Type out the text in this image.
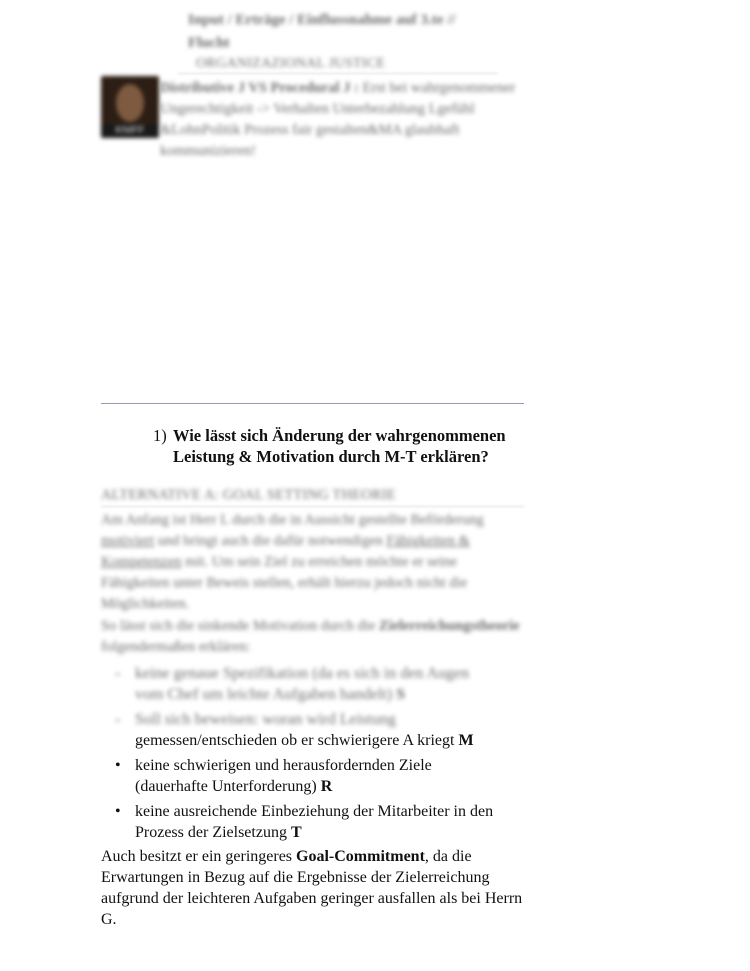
Input / Erträge / Einflussnahme auf 3.te //
Flucht
ORGANIZAZIONAL JUSTICE
KNIFF
Distributive J VS Procedural J : Erst bei wahrgenommener Ungerechtigkeit -> Verhalten Unterbezahlung Lgefühl &LohnPolitik Prozess fair gestalten&MA glaubhaft kommunizieren!
1) Wie lässt sich Änderung der wahrgenommenen Leistung & Motivation durch M-T erklären?
ALTERNATIVE A: GOAL SETTING THEORIE
Am Anfang ist Herr L durch die in Aussicht gestellte Beförderung motiviert und bringt auch die dafür notwendigen Fähigkeiten & Kompetenzen mit. Um sein Ziel zu erreichen möchte er seine Fähigkeiten unter Beweis stellen, erhält hierzu jedoch nicht die Möglichkeiten.
So lässt sich die sinkende Motivation durch die Zielerreichungstheorie folgendermaßen erklären:
- keine genaue Spezifikation (da es sich in den Augen
vom Chef um leichte Aufgaben handelt) S
- Soll sich beweisen: woran wird Leistung
gemessen/entschieden ob er schwierigere A kriegt M
• keine schwierigen und herausfordernden Ziele
(dauerhafte Unterforderung) R
• keine ausreichende Einbeziehung der Mitarbeiter in den
Prozess der Zielsetzung T
Auch besitzt er ein geringeres Goal-Commitment, da die Erwartungen in Bezug auf die Ergebnisse der Zielerreichung aufgrund der leichteren Aufgaben geringer ausfallen als bei Herrn G.
